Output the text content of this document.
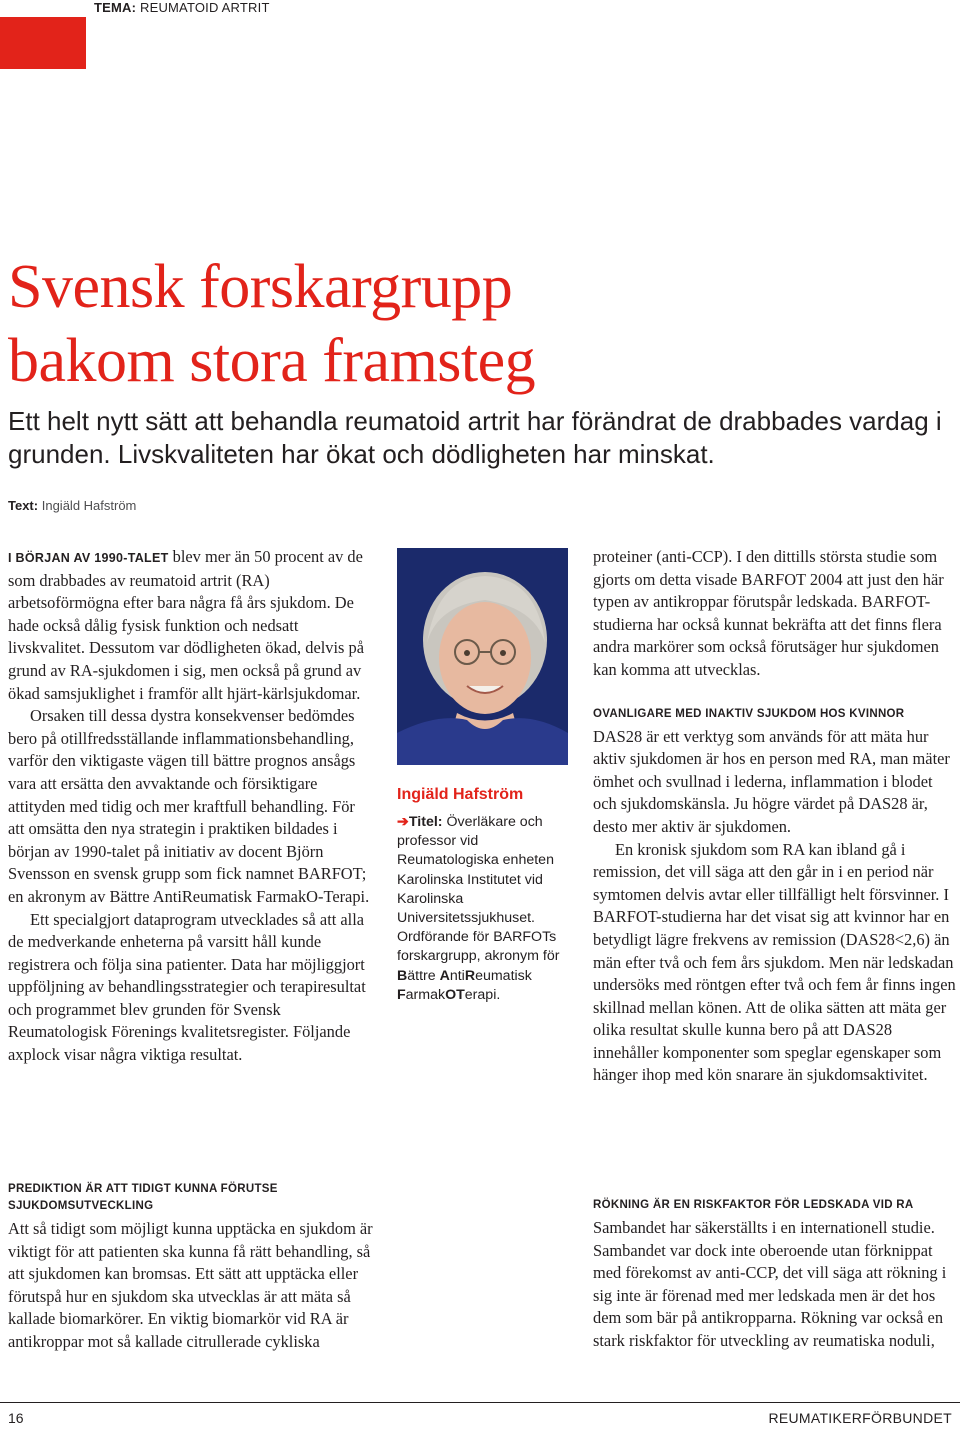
TEMA: REUMATOID ARTRIT
Svensk forskargrupp
bakom stora framsteg
Ett helt nytt sätt att behandla reumatoid artrit har förändrat de drabbades vardag i grunden. Livskvaliteten har ökat och dödligheten har minskat.
Text: Ingiäld Hafström

I BÖRJAN AV 1990-TALET blev mer än 50 procent av de som drabbades av reumatoid artrit (RA) arbetsoförmögna efter bara några få års sjukdom. De hade också dålig fysisk funktion och nedsatt livskvalitet. Dessutom var dödligheten ökad, delvis på grund av RA-sjukdomen i sig, men också på grund av ökad samsjuklighet i framför allt hjärt-kärlsjukdomar.

Orsaken till dessa dystra konsekvenser bedömdes bero på otillfredsställande inflammationsbehandling, varför den viktigaste vägen till bättre prognos ansågs vara att ersätta den avvaktande och försiktigare attityden med tidig och mer kraftfull behandling. För att omsätta den nya strategin i praktiken bildades i början av 1990-talet på initiativ av docent Björn Svensson en svensk grupp som fick namnet BARFOT; en akronym av Bättre AntiReumatisk FarmakO-Terapi.

Ett specialgjort dataprogram utvecklades så att alla de medverkande enheterna på varsitt håll kunde registrera och följa sina patienter. Data har möjliggjort uppföljning av behandlingsstrategier och terapiresultat och programmet blev grunden för Svensk Reumatologisk Förenings kvalitetsregister. Följande axplock visar några viktiga resultat.

PREDIKTION ÄR ATT TIDIGT KUNNA FÖRUTSE SJUKDOMSUTVECKLING

Att så tidigt som möjligt kunna upptäcka en sjukdom är viktigt för att patienten ska kunna få rätt behandling, så att sjukdomen kan bromsas. Ett sätt att upptäcka eller förutspå hur en sjukdom ska utvecklas är att mäta så kallade biomarkörer. En viktig biomarkör vid RA är antikroppar mot så kallade citrullerade cykliska

Ingiäld Hafström
➔Titel: Överläkare och professor vid Reumatologiska enheten Karolinska Institutet vid Karolinska Universitetssjukhuset. Ordförande för BARFOTs forskargrupp, akronym för
Bättre AntiReumatisk
FarmakOTerapi.

proteiner (anti-CCP). I den dittills största studie som gjorts om detta visade BARFOT 2004 att just den här typen av antikroppar förutspår ledskada. BARFOT-studierna har också kunnat bekräfta att det finns flera andra markörer som också förutsäger hur sjukdomen kan komma att utvecklas.

OVANLIGARE MED INAKTIV SJUKDOM HOS KVINNOR

DAS28 är ett verktyg som används för att mäta hur aktiv sjukdomen är hos en person med RA, man mäter ömhet och svullnad i lederna, inflammation i blodet och sjukdomskänsla. Ju högre värdet på DAS28 är, desto mer aktiv är sjukdomen.

En kronisk sjukdom som RA kan ibland gå i remission, det vill säga att den går in i en period när symtomen delvis avtar eller tillfälligt helt försvinner. I BARFOT-studierna har det visat sig att kvinnor har en betydligt lägre frekvens av remission (DAS28<2,6) än män efter två och fem års sjukdom. Men när ledskadan undersöks med röntgen efter två och fem år finns ingen skillnad mellan könen. Att de olika sätten att mäta ger olika resultat skulle kunna bero på att DAS28 innehåller komponenter som speglar egenskaper som hänger ihop med kön snarare än sjukdomsaktivitet.

RÖKNING ÄR EN RISKFAKTOR FÖR LEDSKADA VID RA

Sambandet har säkerställts i en internationell studie. Sambandet var dock inte oberoende utan förknippat med förekomst av anti-CCP, det vill säga att rökning i sig inte är förenad med mer ledskada men är det hos dem som bär på antikropparna. Rökning var också en stark riskfaktor för utveckling av reumatiska noduli,

16	REUMATIKERFÖRBUNDET
